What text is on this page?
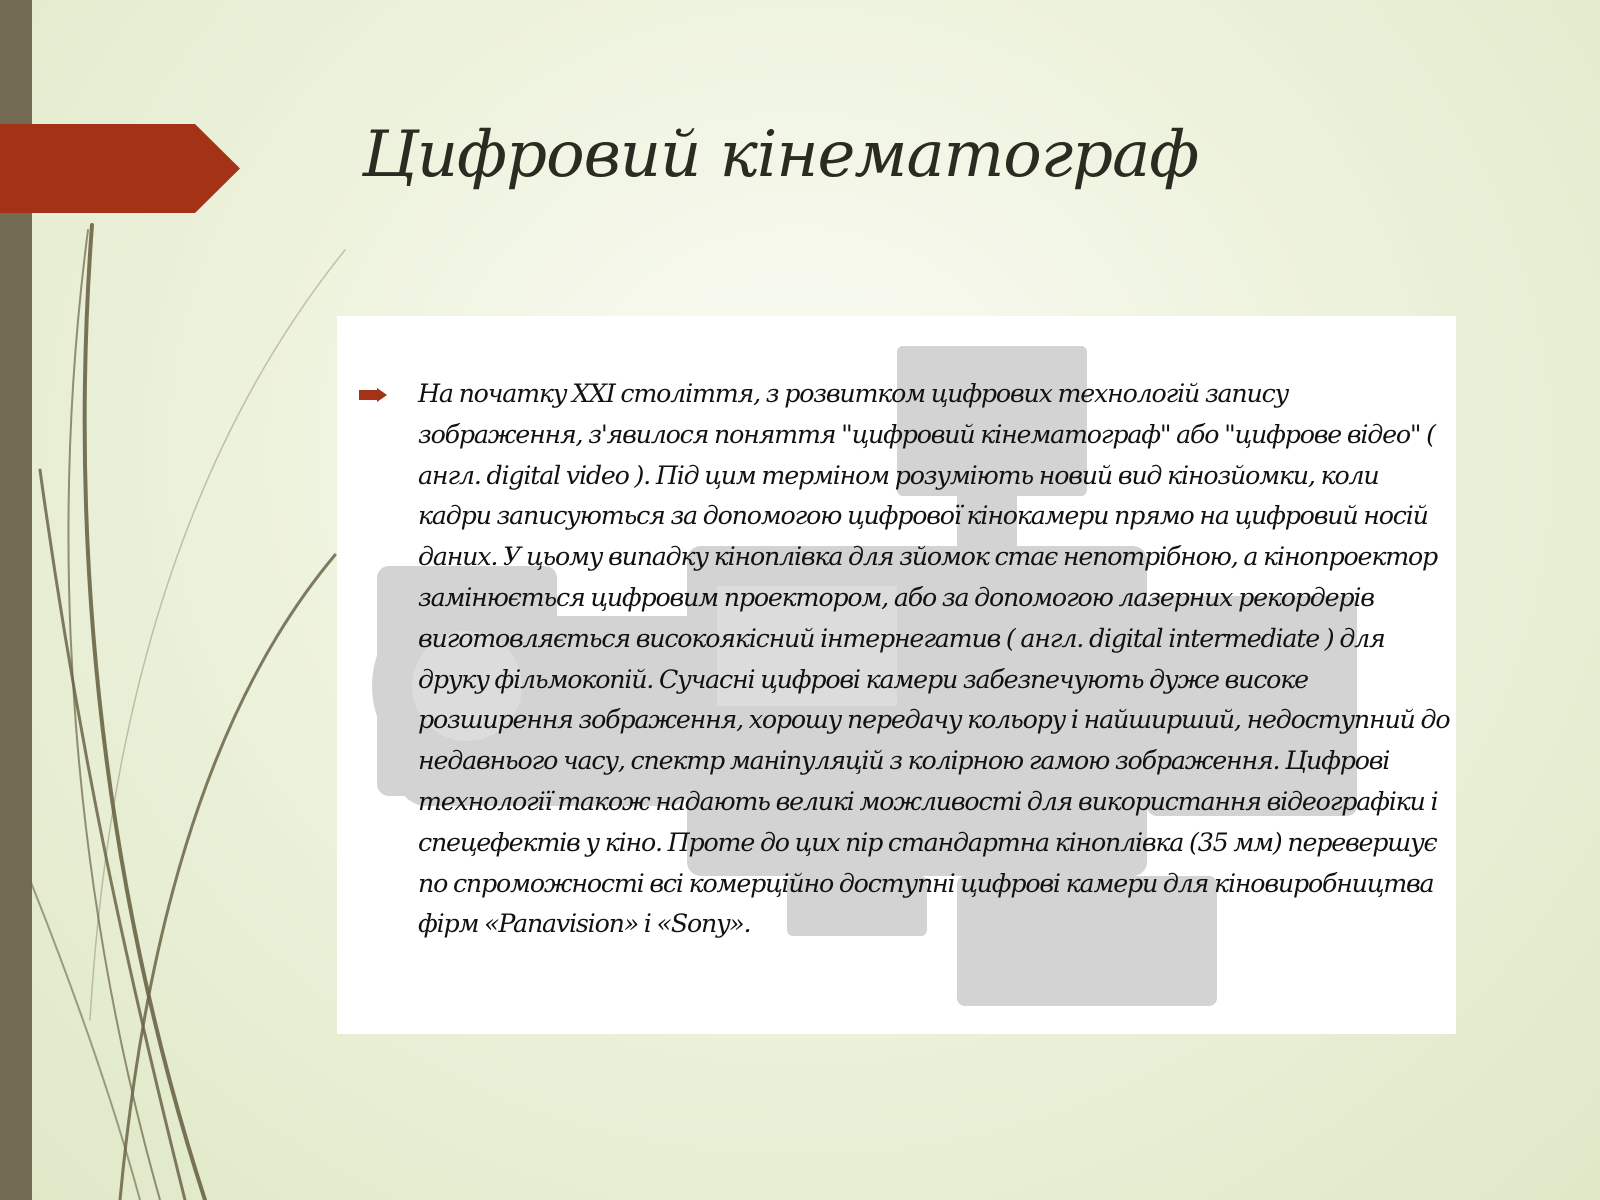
Цифровий кінематограф

На початку XXI століття, з розвитком цифрових технологій запису зображення, з'явилося поняття "цифровий кінематограф" або "цифрове відео" ( англ. digital video ). Під цим терміном розуміють новий вид кінозйомки, коли кадри записуються за допомогою цифрової кінокамери прямо на цифровий носій даних. У цьому випадку кіноплівка для зйомок стає непотрібною, а кінопроектор замінюється цифровим проектором, або за допомогою лазерних рекордерів виготовляється високоякісний інтернегатив ( англ. digital intermediate ) для друку фільмокопій. Сучасні цифрові камери забезпечують дуже високе розширення зображення, хорошу передачу кольору і найширший, недоступний до недавнього часу, спектр маніпуляцій з колірною гамою зображення. Цифрові технології також надають великі можливості для використання відеографіки і спецефектів у кіно. Проте до цих пір стандартна кіноплівка (35 мм) перевершує по спроможності всі комерційно доступні цифрові камери для кіновиробництва фірм «Panavision» і «Sony».
